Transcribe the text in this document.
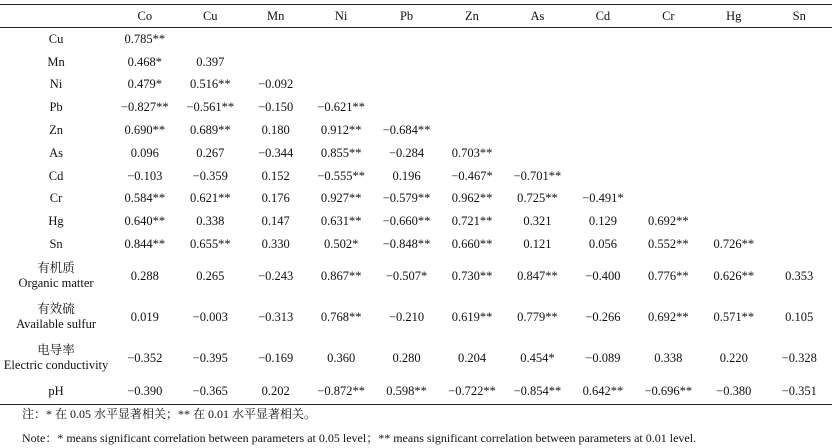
	Co	Cu	Mn	Ni	Pb	Zn	As	Cd	Cr	Hg	Sn

Cu	0.785**										

Mn	0.468*	0.397									

Ni	0.479*	0.516**	−0.092								

Pb	−0.827**	−0.561**	−0.150	−0.621**							

Zn	0.690**	0.689**	0.180	0.912**	−0.684**						

As	0.096	0.267	−0.344	0.855**	−0.284	0.703**					

Cd	−0.103	−0.359	0.152	−0.555**	0.196	−0.467*	−0.701**				

Cr	0.584**	0.621**	0.176	0.927**	−0.579**	0.962**	0.725**	−0.491*			

Hg	0.640**	0.338	0.147	0.631**	−0.660**	0.721**	0.321	0.129	0.692**		

Sn	0.844**	0.655**	0.330	0.502*	−0.848**	0.660**	0.121	0.056	0.552**	0.726**	

有机质
Organic matter	0.288	0.265	−0.243	0.867**	−0.507*	0.730**	0.847**	−0.400	0.776**	0.626**	0.353

有效硫
Available sulfur	0.019	−0.003	−0.313	0.768**	−0.210	0.619**	0.779**	−0.266	0.692**	0.571**	0.105

电导率
Electric conductivity	−0.352	−0.395	−0.169	0.360	0.280	0.204	0.454*	−0.089	0.338	0.220	−0.328

pH	−0.390	−0.365	0.202	−0.872**	0.598**	−0.722**	−0.854**	0.642**	−0.696**	−0.380	−0.351
注：* 在 0.05 水平显著相关；** 在 0.01 水平显著相关。
Note：* means significant correlation between parameters at 0.05 level；** means significant correlation between parameters at 0.01 level.
